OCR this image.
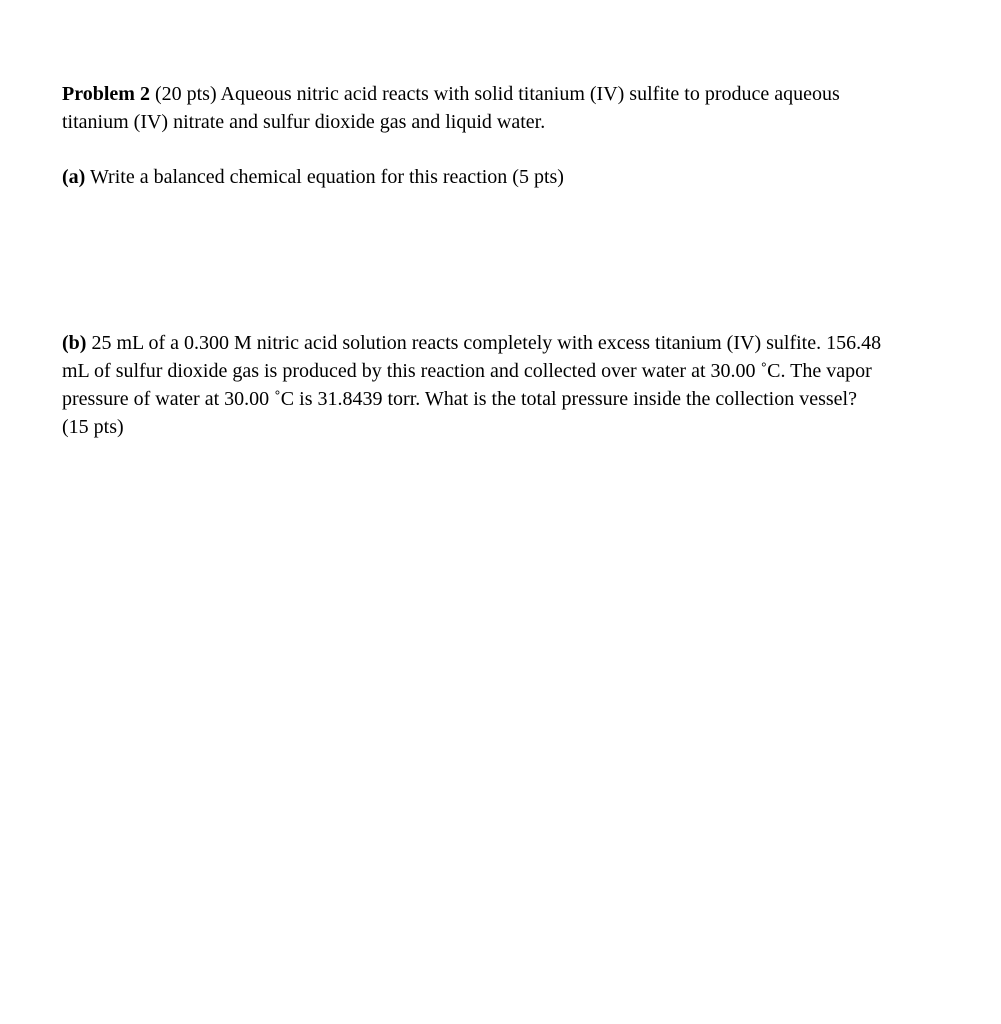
Problem 2 (20 pts) Aqueous nitric acid reacts with solid titanium (IV) sulfite to produce aqueous titanium (IV) nitrate and sulfur dioxide gas and liquid water.

(a) Write a balanced chemical equation for this reaction (5 pts)

(b) 25 mL of a 0.300 M nitric acid solution reacts completely with excess titanium (IV) sulfite. 156.48 mL of sulfur dioxide gas is produced by this reaction and collected over water at 30.00 ˚C. The vapor pressure of water at 30.00 ˚C is 31.8439 torr. What is the total pressure inside the collection vessel? (15 pts)
